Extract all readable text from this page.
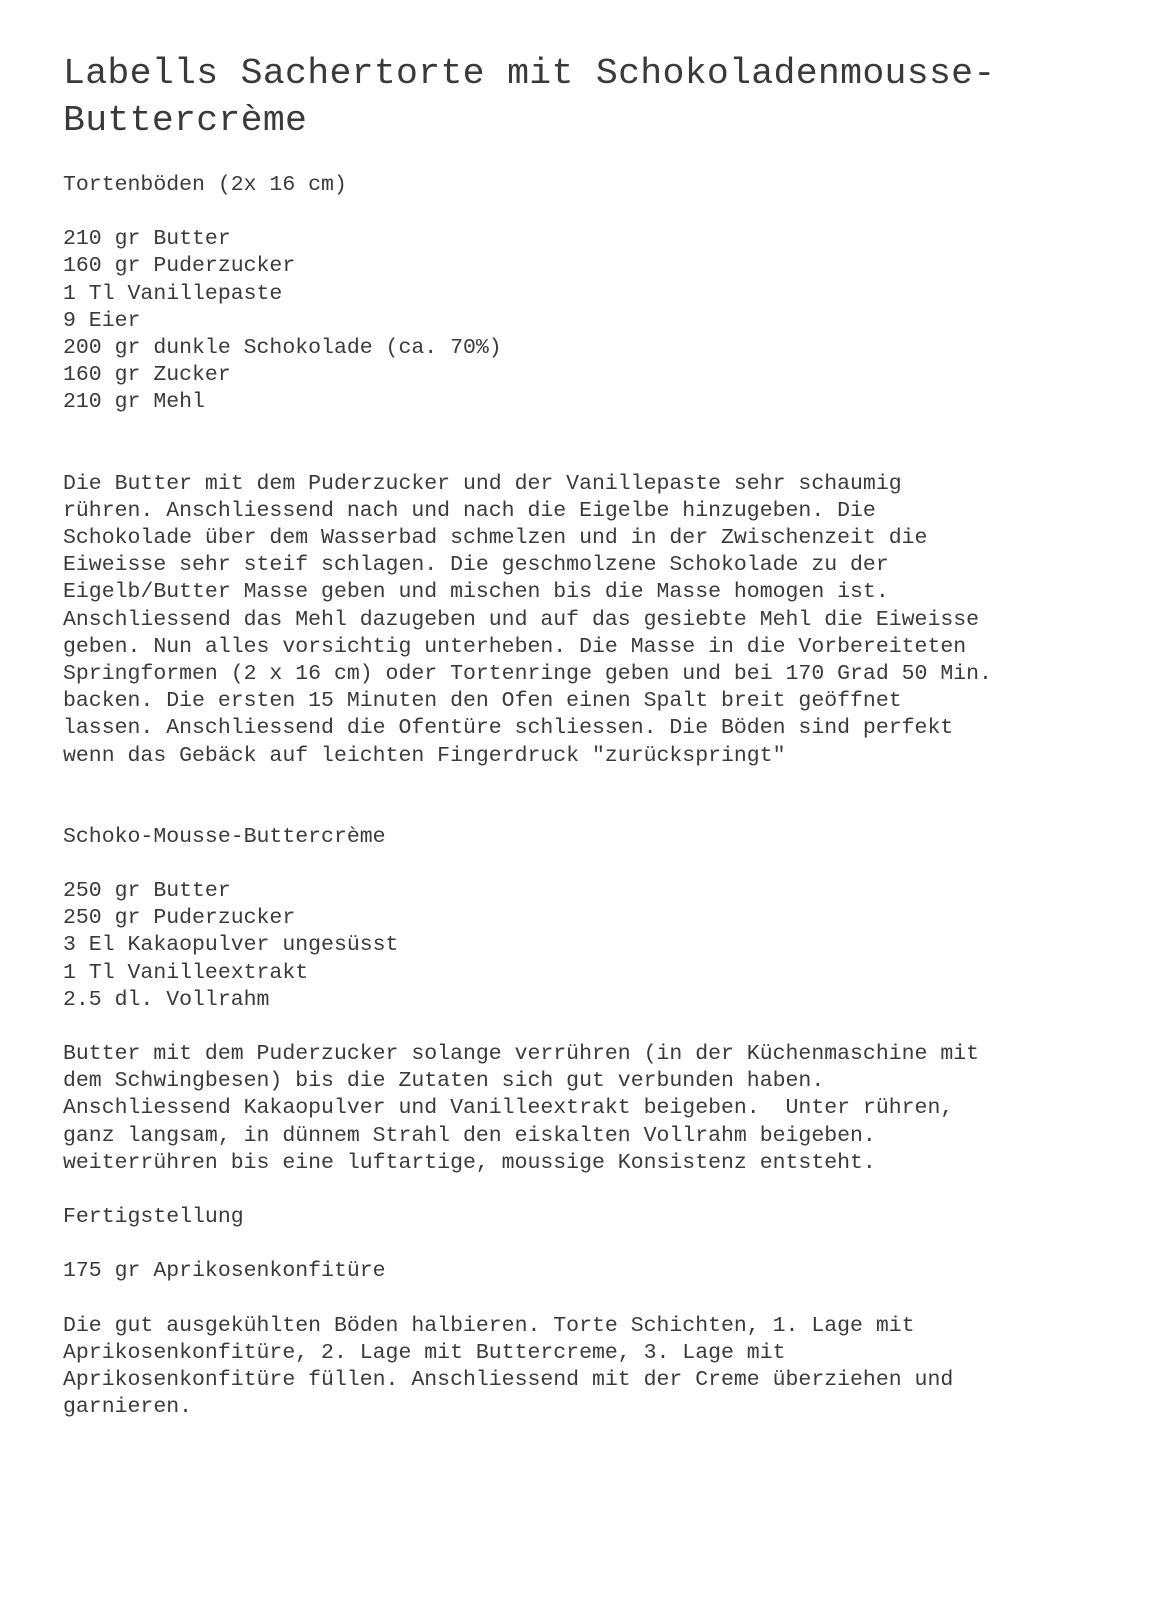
Labells Sachertorte mit Schokoladenmousse-
Buttercrème
Tortenböden (2x 16 cm)
210 gr Butter
160 gr Puderzucker
1 Tl Vanillepaste
9 Eier
200 gr dunkle Schokolade (ca. 70%)
160 gr Zucker
210 gr Mehl
Die Butter mit dem Puderzucker und der Vanillepaste sehr schaumig
rühren. Anschliessend nach und nach die Eigelbe hinzugeben. Die
Schokolade über dem Wasserbad schmelzen und in der Zwischenzeit die
Eiweisse sehr steif schlagen. Die geschmolzene Schokolade zu der
Eigelb/Butter Masse geben und mischen bis die Masse homogen ist.
Anschliessend das Mehl dazugeben und auf das gesiebte Mehl die Eiweisse
geben. Nun alles vorsichtig unterheben. Die Masse in die Vorbereiteten
Springformen (2 x 16 cm) oder Tortenringe geben und bei 170 Grad 50 Min.
backen. Die ersten 15 Minuten den Ofen einen Spalt breit geöffnet
lassen. Anschliessend die Ofentüre schliessen. Die Böden sind perfekt
wenn das Gebäck auf leichten Fingerdruck "zurückspringt"
Schoko-Mousse-Buttercrème
250 gr Butter
250 gr Puderzucker
3 El Kakaopulver ungesüsst
1 Tl Vanilleextrakt
2.5 dl. Vollrahm
Butter mit dem Puderzucker solange verrühren (in der Küchenmaschine mit
dem Schwingbesen) bis die Zutaten sich gut verbunden haben.
Anschliessend Kakaopulver und Vanilleextrakt beigeben.  Unter rühren,
ganz langsam, in dünnem Strahl den eiskalten Vollrahm beigeben.
weiterrühren bis eine luftartige, moussige Konsistenz entsteht.
Fertigstellung
175 gr Aprikosenkonfitüre
Die gut ausgekühlten Böden halbieren. Torte Schichten, 1. Lage mit
Aprikosenkonfitüre, 2. Lage mit Buttercreme, 3. Lage mit
Aprikosenkonfitüre füllen. Anschliessend mit der Creme überziehen und
garnieren.
